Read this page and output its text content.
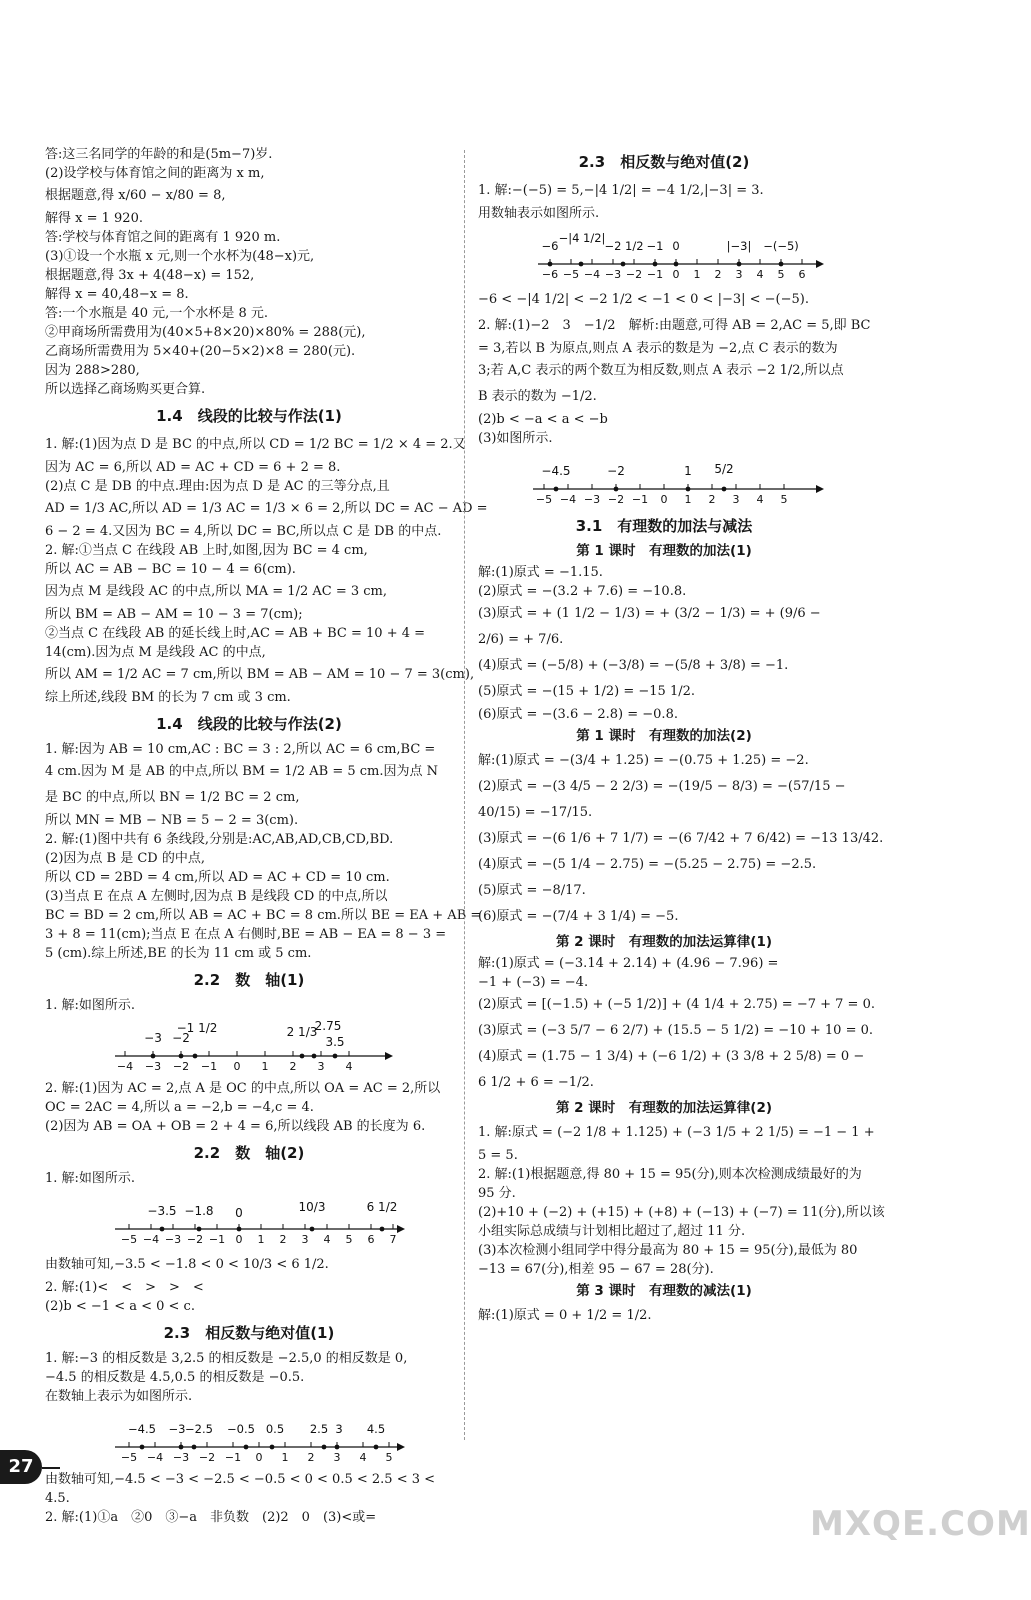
答:这三名同学的年龄的和是(5m−7)岁.
(2)设学校与体育馆之间的距离为 x m,
根据题意,得 x/60 − x/80 = 8,
解得 x = 1 920.
答:学校与体育馆之间的距离有 1 920 m.
(3)①设一个水瓶 x 元,则一个水杯为(48−x)元,
根据题意,得 3x + 4(48−x) = 152,
解得 x = 40,48−x = 8.
答:一个水瓶是 40 元,一个水杯是 8 元.
②甲商场所需费用为(40×5+8×20)×80% = 288(元),
乙商场所需费用为 5×40+(20−5×2)×8 = 280(元).
因为 288>280,
所以选择乙商场购买更合算.
1.4　线段的比较与作法(1)
1. 解:(1)因为点 D 是 BC 的中点,所以 CD = 1/2 BC = 1/2 × 4 = 2.又
因为 AC = 6,所以 AD = AC + CD = 6 + 2 = 8.
(2)点 C 是 DB 的中点.理由:因为点 D 是 AC 的三等分点,且
AD = 1/3 AC,所以 AD = 1/3 AC = 1/3 × 6 = 2,所以 DC = AC − AD =
6 − 2 = 4.又因为 BC = 4,所以 DC = BC,所以点 C 是 DB 的中点.
2. 解:①当点 C 在线段 AB 上时,如图,因为 BC = 4 cm,
所以 AC = AB − BC = 10 − 4 = 6(cm).
因为点 M 是线段 AC 的中点,所以 MA = 1/2 AC = 3 cm,
所以 BM = AB − AM = 10 − 3 = 7(cm);
②当点 C 在线段 AB 的延长线上时,AC = AB + BC = 10 + 4 =
14(cm).因为点 M 是线段 AC 的中点,
所以 AM = 1/2 AC = 7 cm,所以 BM = AB − AM = 10 − 7 = 3(cm),
综上所述,线段 BM 的长为 7 cm 或 3 cm.
1.4　线段的比较与作法(2)
1. 解:因为 AB = 10 cm,AC : BC = 3 : 2,所以 AC = 6 cm,BC =
4 cm.因为 M 是 AB 的中点,所以 BM = 1/2 AB = 5 cm.因为点 N
是 BC 的中点,所以 BN = 1/2 BC = 2 cm,
所以 MN = MB − NB = 5 − 2 = 3(cm).
2. 解:(1)图中共有 6 条线段,分别是:AC,AB,AD,CB,CD,BD.
(2)因为点 B 是 CD 的中点,
所以 CD = 2BD = 4 cm,所以 AD = AC + CD = 10 cm.
(3)当点 E 在点 A 左侧时,因为点 B 是线段 CD 的中点,所以
BC = BD = 2 cm,所以 AB = AC + BC = 8 cm.所以 BE = EA + AB =
3 + 8 = 11(cm);当点 E 在点 A 右侧时,BE = AB − EA = 8 − 3 =
5 (cm).综上所述,BE 的长为 11 cm 或 5 cm.
2.2　数　轴(1)
1. 解:如图所示.
−4 −3 −2 −1 0 1 2 3 4
−3 −2
−1 1/2	2 1/3
2.75
3.5
2. 解:(1)因为 AC = 2,点 A 是 OC 的中点,所以 OA = AC = 2,所以
OC = 2AC = 4,所以 a = −2,b = −4,c = 4.
(2)因为 AB = OA + OB = 2 + 4 = 6,所以线段 AB 的长度为 6.
2.2　数　轴(2)
1. 解:如图所示.
−5 −4 −3 −2 −1 0 1 2 3 4 5 6 7
−3.5 −1.8 0	10/3	6 1/2
由数轴可知,−3.5 < −1.8 < 0 < 10/3 < 6 1/2.
2. 解:(1)<　<　>　>　<
(2)b < −1 < a < 0 < c.
2.3　相反数与绝对值(1)
1. 解:−3 的相反数是 3,2.5 的相反数是 −2.5,0 的相反数是 0,
−4.5 的相反数是 4.5,0.5 的相反数是 −0.5.
在数轴上表示为如图所示.
−5 −4 −3 −2 −1 0 1 2 3 4 5
−4.5 −3 −2.5 −0.5 0.5 2.5 3 4.5
由数轴可知,−4.5 < −3 < −2.5 < −0.5 < 0 < 0.5 < 2.5 < 3 <
4.5.
2. 解:(1)①a　②0　③−a　非负数　(2)2　0　(3)<或=
2.3　相反数与绝对值(2)
1. 解:−(−5) = 5,−|4 1/2| = −4 1/2,|−3| = 3.
用数轴表示如图所示.
−6 −5 −4 −3 −2 −1 0 1 2 3 4 5 6
−6
−|4 1/2|
−2 1/2 −1 0	|−3| −(−5)
−6 < −|4 1/2| < −2 1/2 < −1 < 0 < |−3| < −(−5).
2. 解:(1)−2　3　−1/2　解析:由题意,可得 AB = 2,AC = 5,即 BC
= 3,若以 B 为原点,则点 A 表示的数是为 −2,点 C 表示的数为
3;若 A,C 表示的两个数互为相反数,则点 A 表示 −2 1/2,所以点
B 表示的数为 −1/2.
(2)b < −a < a < −b
(3)如图所示.
−5 −4 −3 −2 −1 0 1 2 3 4 5
−4.5	−2	1 5/2
3.1　有理数的加法与减法
第 1 课时　有理数的加法(1)
解:(1)原式 = −1.15.
(2)原式 = −(3.2 + 7.6) = −10.8.
(3)原式 = + (1 1/2 − 1/3) = + (3/2 − 1/3) = + (9/6 −
2/6) = + 7/6.
(4)原式 = (−5/8) + (−3/8) = −(5/8 + 3/8) = −1.
(5)原式 = −(15 + 1/2) = −15 1/2.
(6)原式 = −(3.6 − 2.8) = −0.8.
第 1 课时　有理数的加法(2)
解:(1)原式 = −(3/4 + 1.25) = −(0.75 + 1.25) = −2.
(2)原式 = −(3 4/5 − 2 2/3) = −(19/5 − 8/3) = −(57/15 −
40/15) = −17/15.
(3)原式 = −(6 1/6 + 7 1/7) = −(6 7/42 + 7 6/42) = −13 13/42.
(4)原式 = −(5 1/4 − 2.75) = −(5.25 − 2.75) = −2.5.
(5)原式 = −8/17.
(6)原式 = −(7/4 + 3 1/4) = −5.
第 2 课时　有理数的加法运算律(1)
解:(1)原式 = (−3.14 + 2.14) + (4.96 − 7.96) =
−1 + (−3) = −4.
(2)原式 = [(−1.5) + (−5 1/2)] + (4 1/4 + 2.75) = −7 + 7 = 0.
(3)原式 = (−3 5/7 − 6 2/7) + (15.5 − 5 1/2) = −10 + 10 = 0.
(4)原式 = (1.75 − 1 3/4) + (−6 1/2) + (3 3/8 + 2 5/8) = 0 −
6 1/2 + 6 = −1/2.
第 2 课时　有理数的加法运算律(2)
1. 解:原式 = (−2 1/8 + 1.125) + (−3 1/5 + 2 1/5) = −1 − 1 +
5 = 5.
2. 解:(1)根据题意,得 80 + 15 = 95(分),则本次检测成绩最好的为
95 分.
(2)+10 + (−2) + (+15) + (+8) + (−13) + (−7) = 11(分),所以该
小组实际总成绩与计划相比超过了,超过 11 分.
(3)本次检测小组同学中得分最高为 80 + 15 = 95(分),最低为 80
−13 = 67(分),相差 95 − 67 = 28(分).
第 3 课时　有理数的减法(1)
解:(1)原式 = 0 + 1/2 = 1/2.
27
MXQE.COM
